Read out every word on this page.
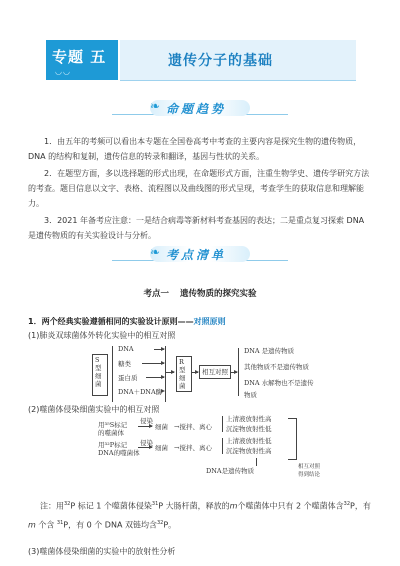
专题 五
◡◡
遗传分子的基础
❧ 命题趋势
1．由五年的考频可以看出本专题在全国卷高考中考查的主要内容是探究生物的遗传物质，DNA 的结构和复制，遗传信息的转录和翻译，基因与性状的关系。
2．在题型方面，多以选择题的形式出现，在命题形式方面，注重生物学史、遗传学研究方法的考查。题目信息以文字、表格、流程图以及曲线图的形式呈现，考查学生的获取信息和理解能力。
3．2021 年备考应注意：一是结合病毒等新材料考查基因的表达；二是重点复习探索 DNA 是遗传物质的有关实验设计与分析。
❧ 考点清单
考点一 遗传物质的探究实验
1．两个经典实验遵循相同的实验设计原则——对照原则
(1)肺炎双球菌体外转化实验中的相互对照
S型细菌
DNA
糖类
蛋白质
DNA＋DNA酶
R型细菌
相互对照
DNA 是遗传物质
其他物质不是遗传物质
DNA 水解物也不是遗传
物质
(2)噬菌体侵染细菌实验中的相互对照
用³⁵S标记
的噬菌体
用³²P标记
DNA的噬菌体
侵染
侵染
细菌
细菌
→搅拌、离心
→搅拌、离心
上清液放射性高
沉淀物放射性低
上清液放射性低
沉淀物放射性高
DNA是遗传物质	相互对照
得到结论
注：用$^{32}$P 标记 1 个噬菌体侵染$^{31}$P 大肠杆菌，释放的m个噬菌体中只有 2 个噬菌体含$^{32}$P，有 m 个含 $^{31}$P，有 0 个 DNA 双链均含$^{32}$P。
(3)噬菌体侵染细菌的实验中的放射性分析
